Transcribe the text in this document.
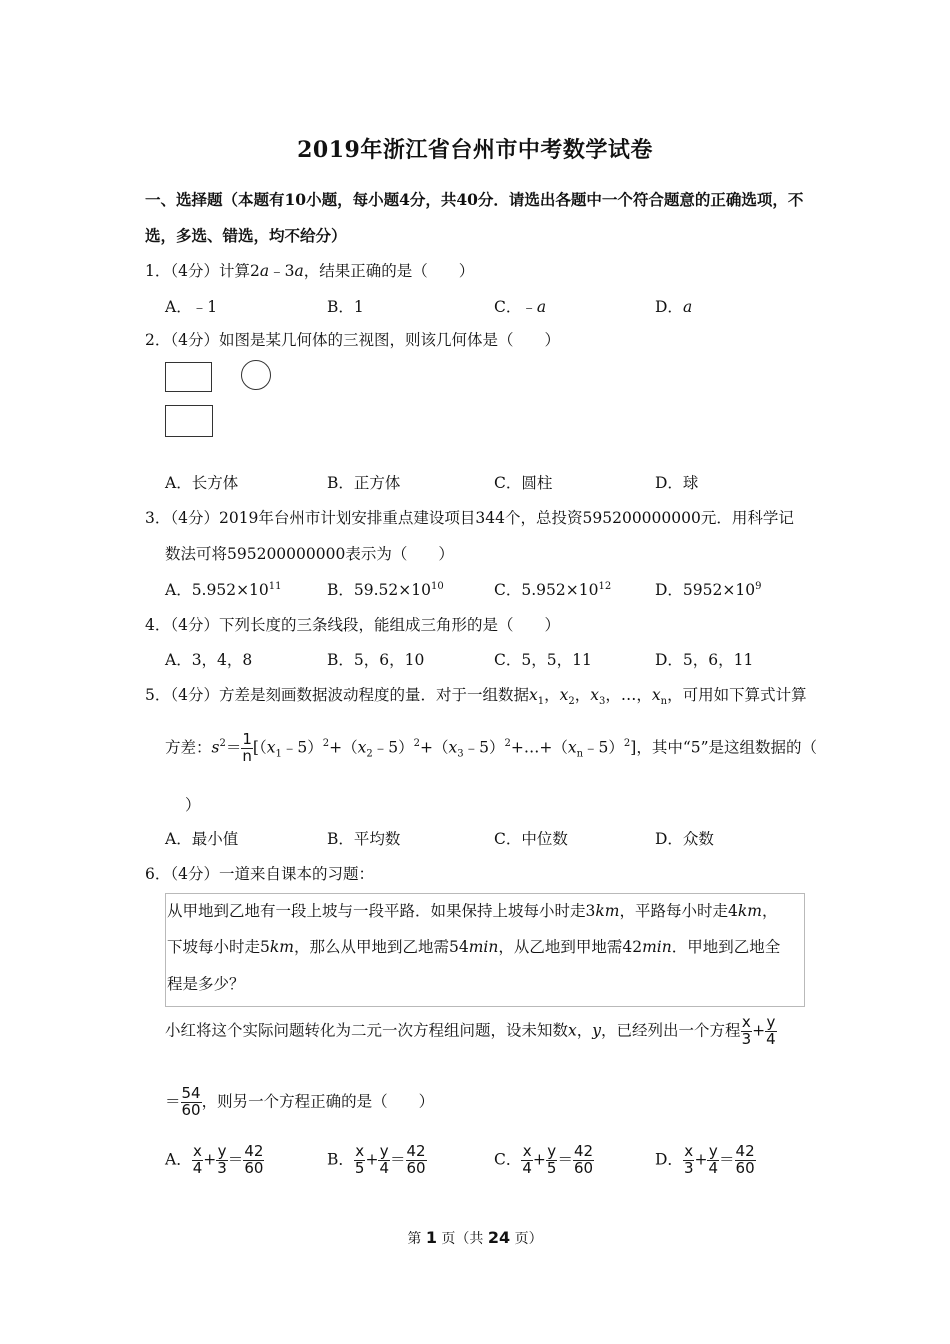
2019年浙江省台州市中考数学试卷
一、选择题（本题有10小题，每小题4分，共40分．请选出各题中一个符合题意的正确选项，不选，多选、错选，均不给分）
1．（4分）计算2a﹣3a，结果正确的是（　　）
A．﹣1	B．1	C．﹣a	D．a
2．（4分）如图是某几何体的三视图，则该几何体是（　　）
A．长方体	B．正方体	C．圆柱	D．球
3．（4分）2019年台州市计划安排重点建设项目344个，总投资595200000000元．用科学记
数法可将595200000000表示为（　　）
A．$5.952\times 10^{11}$	B．$59.52\times 10^{10}$	C．$5.952\times 10^{12}$	D．$5952\times 10^9$
4．（4分）下列长度的三条线段，能组成三角形的是（　　）
A．3，4，8	B．5，6，10	C．5，5，11	D．5，6，11
5．（4分）方差是刻画数据波动程度的量．对于一组数据$x_1$，$x_2$，$x_3$，…，$x_n$，可用如下算式计算
方差：$s^2= \frac{1}{n}$ $[(x_1﹣5)^2+(x_2﹣5)^2+(x_3﹣5)^2+\dots+(x_n﹣5)^2]$，其中“5”是这组数据的（
）
A．最小值	B．平均数	C．中位数	D．众数
6．（4分）一道来自课本的习题：
从甲地到乙地有一段上坡与一段平路．如果保持上坡每小时走3km，平路每小时走4km，
下坡每小时走5km，那么从甲地到乙地需54min，从乙地到甲地需42min．甲地到乙地全
程是多少？
小红将这个实际问题转化为二元一次方程组问题，设未知数x，y，已经列出一个方程 $\frac{x}{3} + \frac{y}{4}$
＝ $\frac{54}{60}$ ，则另一个方程正确的是（　　）
A． $\frac{x}{4} + \frac{y}{3} = \frac{42}{60}$	B． $\frac{x}{5} + \frac{y}{4} = \frac{42}{60}$	C． $\frac{x}{4} + \frac{y}{5} = \frac{42}{60}$	D． $\frac{x}{3} + \frac{y}{4} = \frac{42}{60}$
第 1 页（共 24 页）
